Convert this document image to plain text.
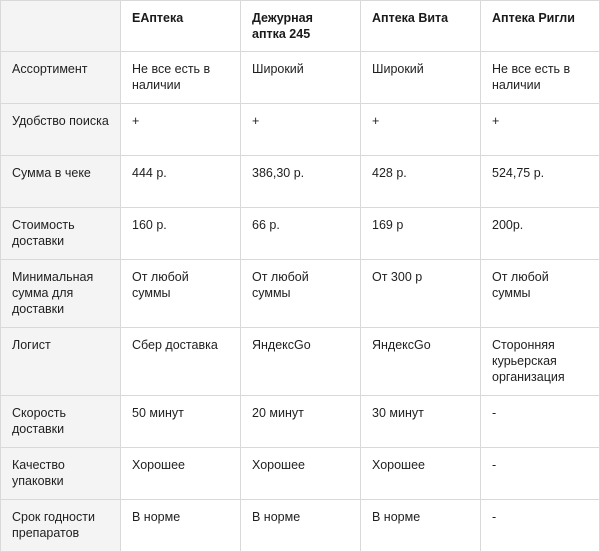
	ЕАптека	Дежурная аптка 245	Аптека Вита	Аптека Ригли
Ассортимент	Не все есть в наличии	Широкий	Широкий	Не все есть в наличии
Удобство поиска	+	+	+	+
Сумма в чеке	444 р.	386,30 р.	428 р.	524,75 р.
Стоимость доставки	160 р.	66 р.	169 р	200р.
Минимальная сумма для доставки	От любой суммы	От любой суммы	От 300 р	От любой суммы
Логист	Сбер доставка	ЯндексGo	ЯндексGo	Сторонняя курьерская организация
Скорость доставки	50 минут	20 минут	30 минут	-
Качество упаковки	Хорошее	Хорошее	Хорошее	-
Срок годности препаратов	В норме	В норме	В норме	-
